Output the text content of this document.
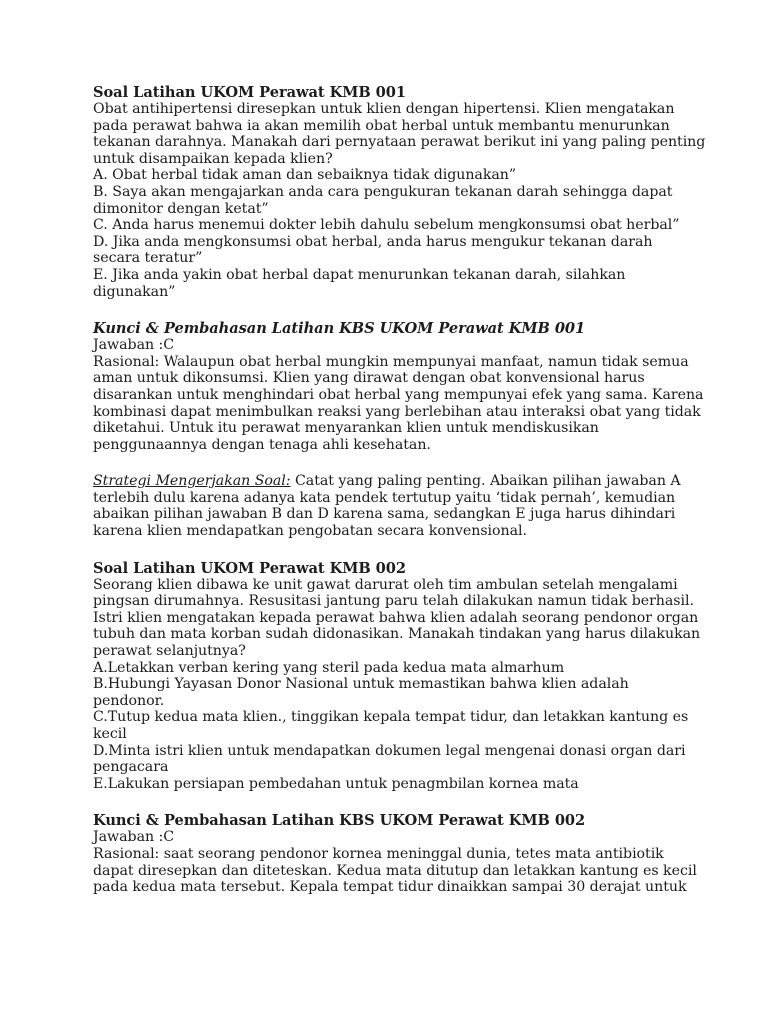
Soal Latihan UKOM Perawat KMB 001
Obat antihipertensi diresepkan untuk klien dengan hipertensi. Klien mengatakan
pada perawat bahwa ia akan memilih obat herbal untuk membantu menurunkan
tekanan darahnya. Manakah dari pernyataan perawat berikut ini yang paling penting
untuk disampaikan kepada klien?
A. Obat herbal tidak aman dan sebaiknya tidak digunakan”
B. Saya akan mengajarkan anda cara pengukuran tekanan darah sehingga dapat
dimonitor dengan ketat”
C. Anda harus menemui dokter lebih dahulu sebelum mengkonsumsi obat herbal”
D. Jika anda mengkonsumsi obat herbal, anda harus mengukur tekanan darah
secara teratur”
E. Jika anda yakin obat herbal dapat menurunkan tekanan darah, silahkan
digunakan”
Kunci & Pembahasan Latihan KBS UKOM Perawat KMB 001
Jawaban :C
Rasional: Walaupun obat herbal mungkin mempunyai manfaat, namun tidak semua
aman untuk dikonsumsi. Klien yang dirawat dengan obat konvensional harus
disarankan untuk menghindari obat herbal yang mempunyai efek yang sama. Karena
kombinasi dapat menimbulkan reaksi yang berlebihan atau interaksi obat yang tidak
diketahui. Untuk itu perawat menyarankan klien untuk mendiskusikan
penggunaannya dengan tenaga ahli kesehatan.
Strategi Mengerjakan Soal: Catat yang paling penting. Abaikan pilihan jawaban A
terlebih dulu karena adanya kata pendek tertutup yaitu ‘tidak pernah’, kemudian
abaikan pilihan jawaban B dan D karena sama, sedangkan E juga harus dihindari
karena klien mendapatkan pengobatan secara konvensional.
Soal Latihan UKOM Perawat KMB 002
Seorang klien dibawa ke unit gawat darurat oleh tim ambulan setelah mengalami
pingsan dirumahnya. Resusitasi jantung paru telah dilakukan namun tidak berhasil.
Istri klien mengatakan kepada perawat bahwa klien adalah seorang pendonor organ
tubuh dan mata korban sudah didonasikan. Manakah tindakan yang harus dilakukan
perawat selanjutnya?
A.Letakkan verban kering yang steril pada kedua mata almarhum
B.Hubungi Yayasan Donor Nasional untuk memastikan bahwa klien adalah
pendonor.
C.Tutup kedua mata klien., tinggikan kepala tempat tidur, dan letakkan kantung es
kecil
D.Minta istri klien untuk mendapatkan dokumen legal mengenai donasi organ dari
pengacara
E.Lakukan persiapan pembedahan untuk penagmbilan kornea mata
Kunci & Pembahasan Latihan KBS UKOM Perawat KMB 002
Jawaban :C
Rasional: saat seorang pendonor kornea meninggal dunia, tetes mata antibiotik
dapat diresepkan dan diteteskan. Kedua mata ditutup dan letakkan kantung es kecil
pada kedua mata tersebut. Kepala tempat tidur dinaikkan sampai 30 derajat untuk
